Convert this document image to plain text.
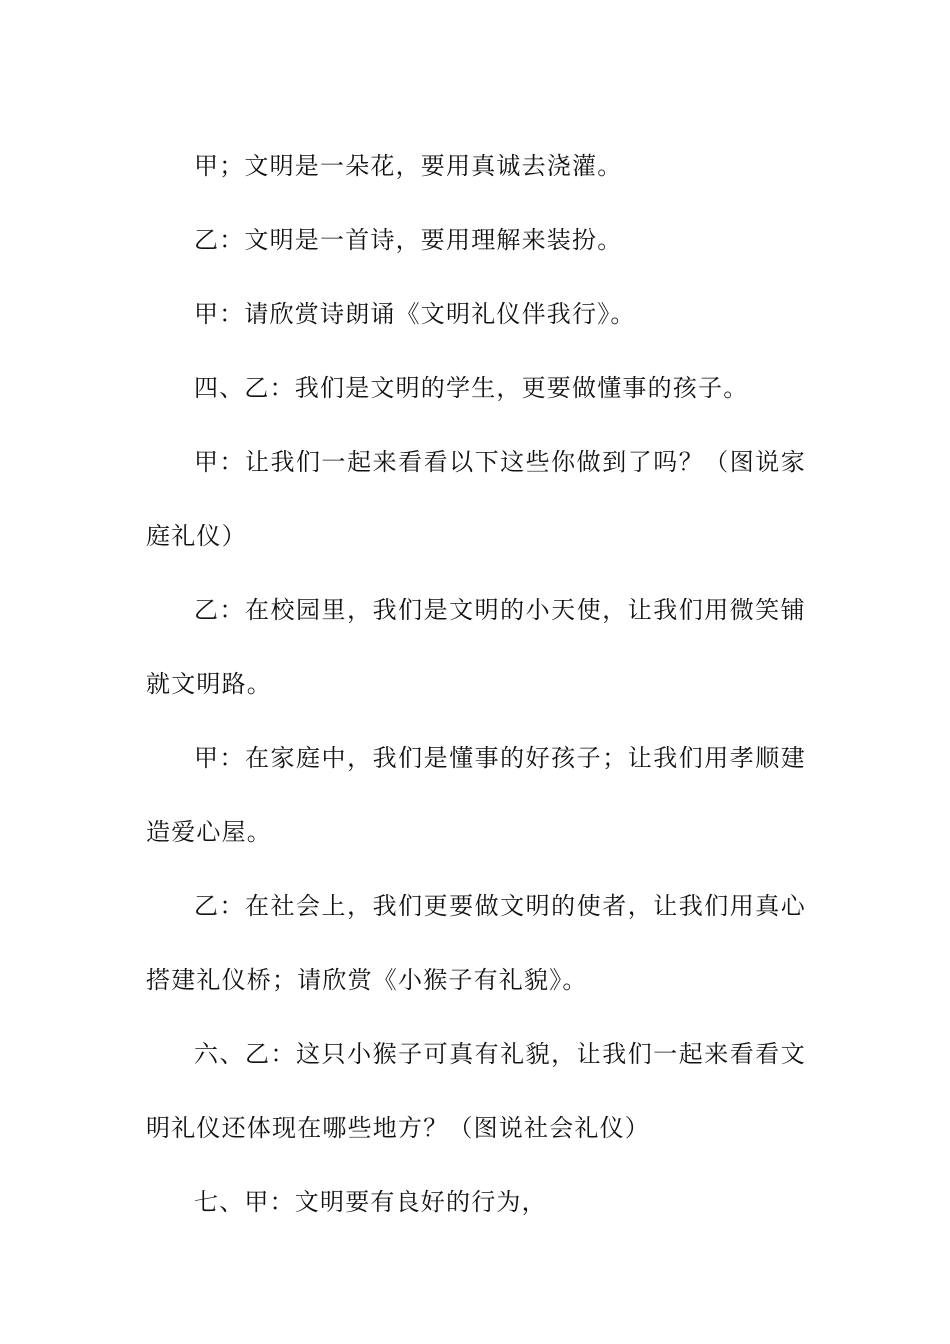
甲；文明是一朵花，要用真诚去浇灌。

乙：文明是一首诗，要用理解来装扮。

甲：请欣赏诗朗诵《文明礼仪伴我行》。

四、乙：我们是文明的学生，更要做懂事的孩子。

甲：让我们一起来看看以下这些你做到了吗？（图说家庭礼仪）

乙：在校园里，我们是文明的小天使，让我们用微笑铺就文明路。

甲：在家庭中，我们是懂事的好孩子；让我们用孝顺建造爱心屋。

乙：在社会上，我们更要做文明的使者，让我们用真心搭建礼仪桥；请欣赏《小猴子有礼貌》。

六、乙：这只小猴子可真有礼貌，让我们一起来看看文明礼仪还体现在哪些地方？（图说社会礼仪）

七、甲：文明要有良好的行为，
